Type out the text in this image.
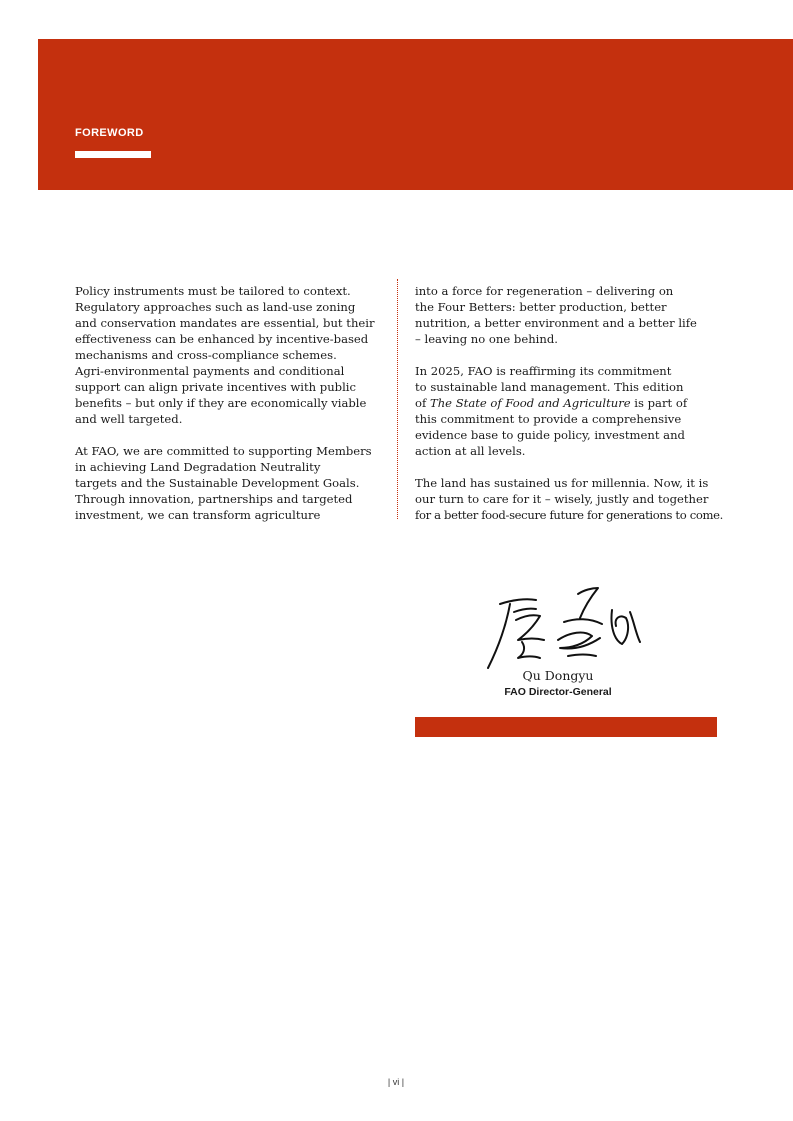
FOREWORD

Policy instruments must be tailored to context.
Regulatory approaches such as land-use zoning
and conservation mandates are essential, but their
effectiveness can be enhanced by incentive-based
mechanisms and cross-compliance schemes.
Agri-environmental payments and conditional
support can align private incentives with public
benefits – but only if they are economically viable
and well targeted.

At FAO, we are committed to supporting Members
in achieving Land Degradation Neutrality
targets and the Sustainable Development Goals.
Through innovation, partnerships and targeted
investment, we can transform agriculture

into a force for regeneration – delivering on
the Four Betters: better production, better
nutrition, a better environment and a better life
– leaving no one behind.

In 2025, FAO is reaffirming its commitment
to sustainable land management. This edition
of The State of Food and Agriculture is part of
this commitment to provide a comprehensive
evidence base to guide policy, investment and
action at all levels.

The land has sustained us for millennia. Now, it is
our turn to care for it – wisely, justly and together
for a better food-secure future for generations to come.

Qu Dongyu
FAO Director-General
| vi |
